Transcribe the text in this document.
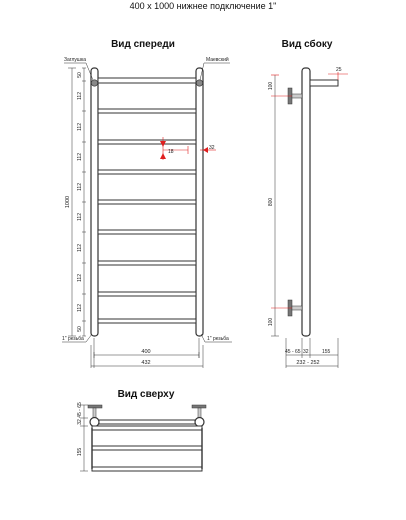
400 x 1000 нижнее подключение 1"
Вид спереди
Заглушка	Маевский
1" резьба	1" резьба
1000
50
112
112
112
112
112
112
112
112
50
18
32
400
432
Вид сбоку
25
100
800
100
45 - 65 32	155
232 - 252
Вид сверху
32
45 - 65
155
